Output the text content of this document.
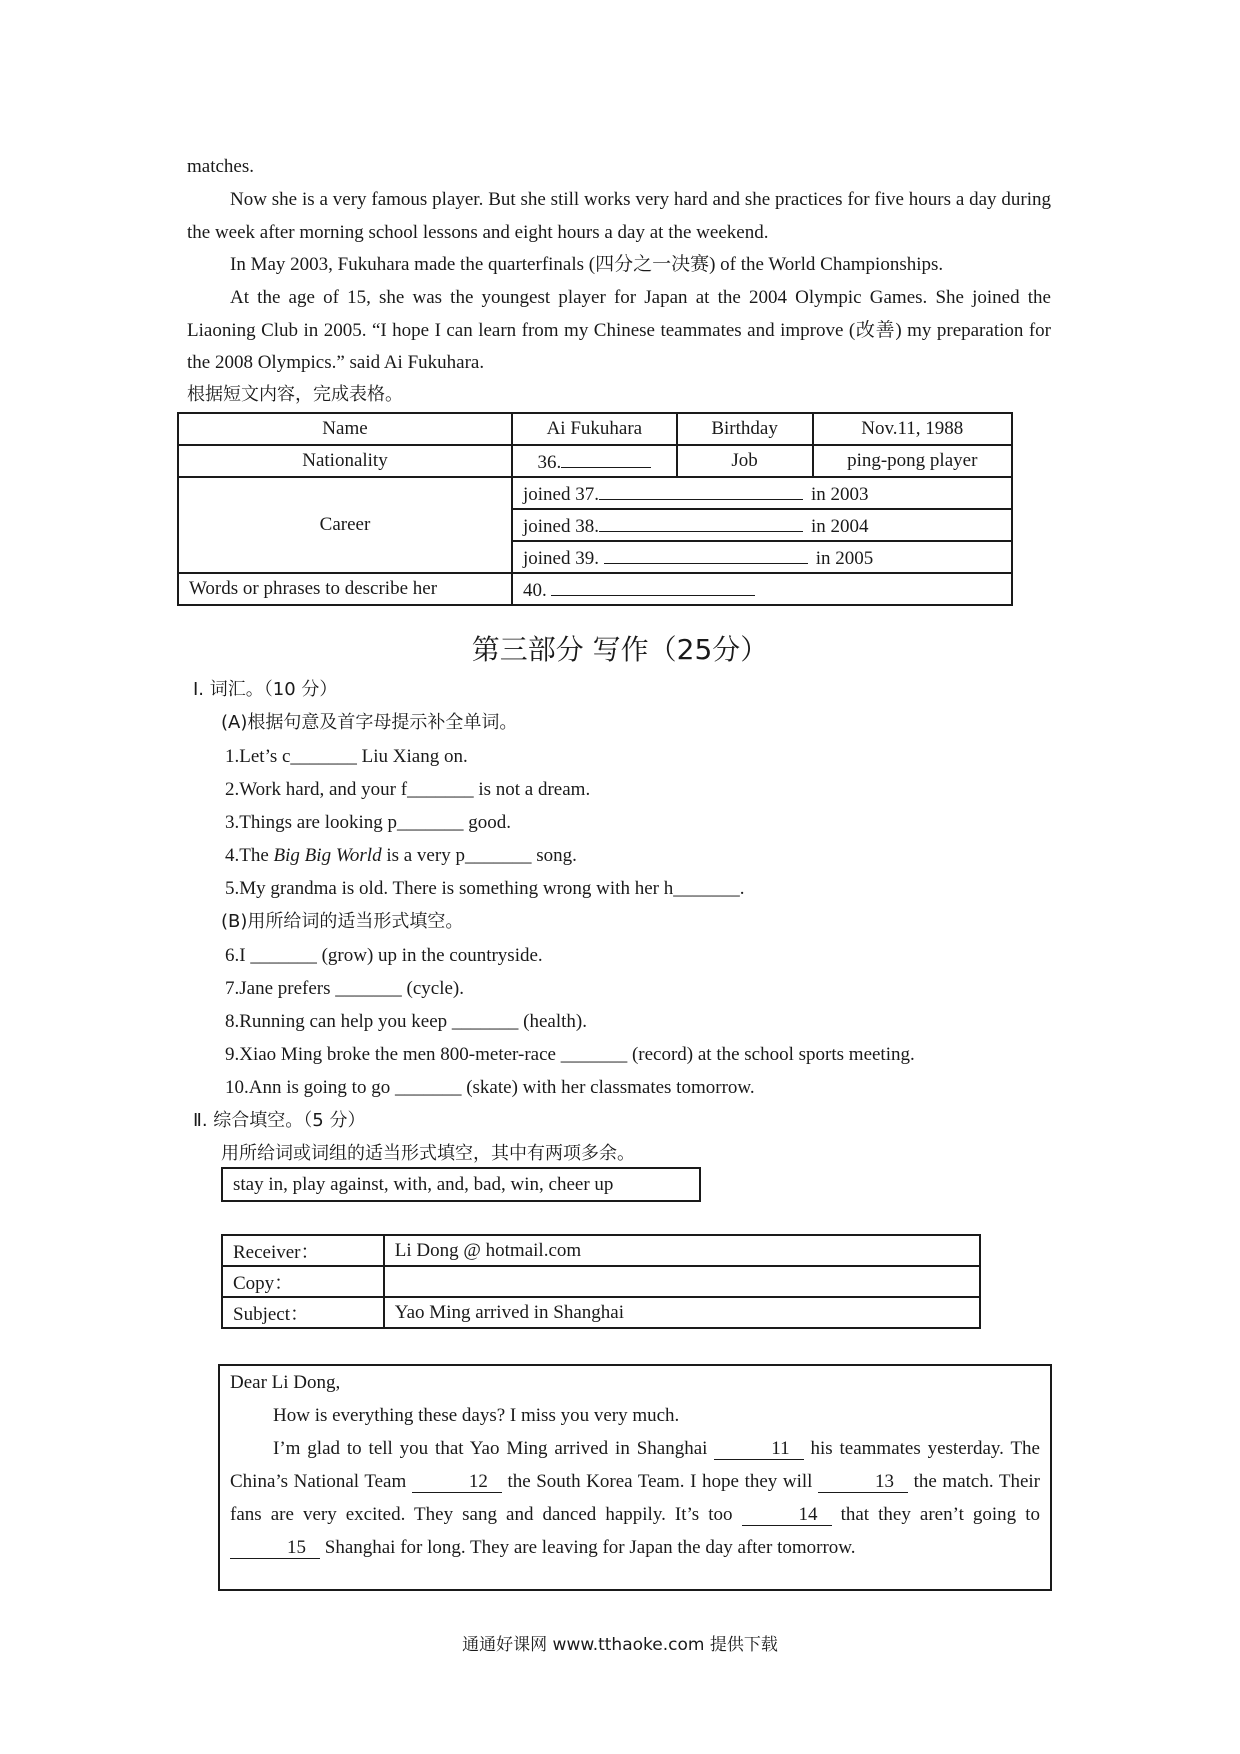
matches.
Now she is a very famous player. But she still works very hard and she practices for five hours a day during the week after morning school lessons and eight hours a day at the weekend.
In May 2003, Fukuhara made the quarterfinals (四分之一决赛) of the World Championships.
At the age of 15, she was the youngest player for Japan at the 2004 Olympic Games. She joined the Liaoning Club in 2005. “I hope I can learn from my Chinese teammates and improve (改善) my preparation for the 2008 Olympics.” said Ai Fukuhara.
根据短文内容，完成表格。
Name	Ai Fukuhara	Birthday	Nov.11, 1988
Nationality	36.	Job	ping-pong player
Career	joined 37. in 2003		
	joined 38. in 2004		
	joined 39. in 2005		
Words or phrases to describe her	40.		
第三部分 写作（25分）
Ⅰ. 词汇。（10 分）
(A)根据句意及首字母提示补全单词。
1.Let’s c_______ Liu Xiang on.
2.Work hard, and your f_______ is not a dream.
3.Things are looking p_______ good.
4.The Big Big World is a very p_______ song.
5.My grandma is old. There is something wrong with her h_______.
(B)用所给词的适当形式填空。
6.I _______ (grow) up in the countryside.
7.Jane prefers _______ (cycle).
8.Running can help you keep _______ (health).
9.Xiao Ming broke the men 800-meter-race _______ (record) at the school sports meeting.
10.Ann is going to go _______ (skate) with her classmates tomorrow.
Ⅱ. 综合填空。（5 分）
用所给词或词组的适当形式填空，其中有两项多余。
stay in, play against, with, and, bad, win, cheer up
Receiver：	Li Dong @ hotmail.com
Copy：	
Subject：	Yao Ming arrived in Shanghai
Dear Li Dong,
How is everything these days? I miss you very much.
I’m glad to tell you that Yao Ming arrived in Shanghai	11 his teammates yesterday. The China’s National Team	12 the South Korea Team. I hope they will	13 the match. Their fans are very excited. They sang and danced happily. It’s too	14 that they aren’t going to 15 Shanghai for long. They are leaving for Japan the day after tomorrow.
通通好课网 www.tthaoke.com 提供下载
